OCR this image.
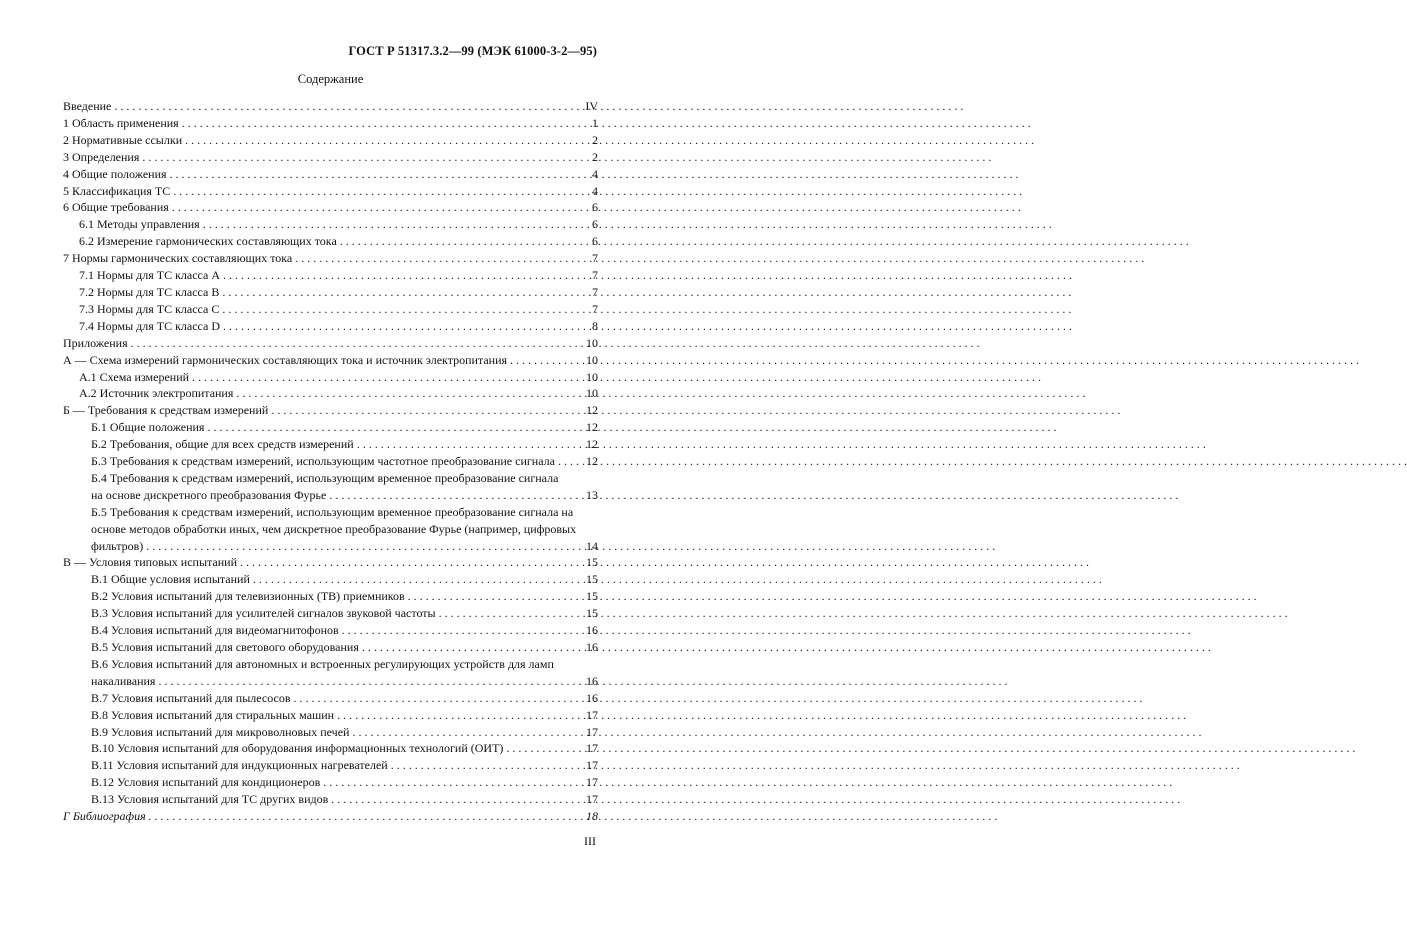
ГОСТ Р 51317.3.2—99 (МЭК 61000-3-2—95)
Содержание
Введение . . .	IV
1 Область применения . . .	1
2 Нормативные ссылки . . .	2
3 Определения . . .	2
4 Общие положения . . .	4
5 Классификация ТС . . .	4
6 Общие требования . . .	6
6.1 Методы управления . . .	6
6.2 Измерение гармонических составляющих тока . . .	6
7 Нормы гармонических составляющих тока . . .	7
7.1 Нормы для ТС класса А . . .	7
7.2 Нормы для ТС класса В . . .	7
7.3 Нормы для ТС класса С . . .	7
7.4 Нормы для ТС класса D . . .	8
Приложения . . .	10
А — Схема измерений гармонических составляющих тока и источник электропитания . . .	10
А.1 Схема измерений . . .	10
А.2 Источник электропитания . . .	10
Б — Требования к средствам измерений . . .	12
Б.1 Общие положения . . .	12
Б.2 Требования, общие для всех средств измерений . . .	12
Б.3 Требования к средствам измерений, использующим частотное преобразование сигнала . . .	12
Б.4 Требования к средствам измерений, использующим временное преобразование сигнала
на основе дискретного преобразования Фурье . . .	13
Б.5 Требования к средствам измерений, использующим временное преобразование сигнала на
основе методов обработки иных, чем дискретное преобразование Фурье (например, цифровых
фильтров) . . .	14
В — Условия типовых испытаний . . .	15
В.1 Общие условия испытаний . . .	15
В.2 Условия испытаний для телевизионных (ТВ) приемников . . .	15
В.3 Условия испытаний для усилителей сигналов звуковой частоты . . .	15
В.4 Условия испытаний для видеомагнитофонов . . .	16
В.5 Условия испытаний для светового оборудования . . .	16
В.6 Условия испытаний для автономных и встроенных регулирующих устройств для ламп
накаливания . . .	16
В.7 Условия испытаний для пылесосов . . .	16
В.8 Условия испытаний для стиральных машин . . .	17
В.9 Условия испытаний для микроволновых печей . . .	17
В.10 Условия испытаний для оборудования информационных технологий (ОИТ) . . .	17
В.11 Условия испытаний для индукционных нагревателей . . .	17
В.12 Условия испытаний для кондиционеров . . .	17
В.13 Условия испытаний для ТС других видов . . .	17
Г Библиография . . .	18
III
